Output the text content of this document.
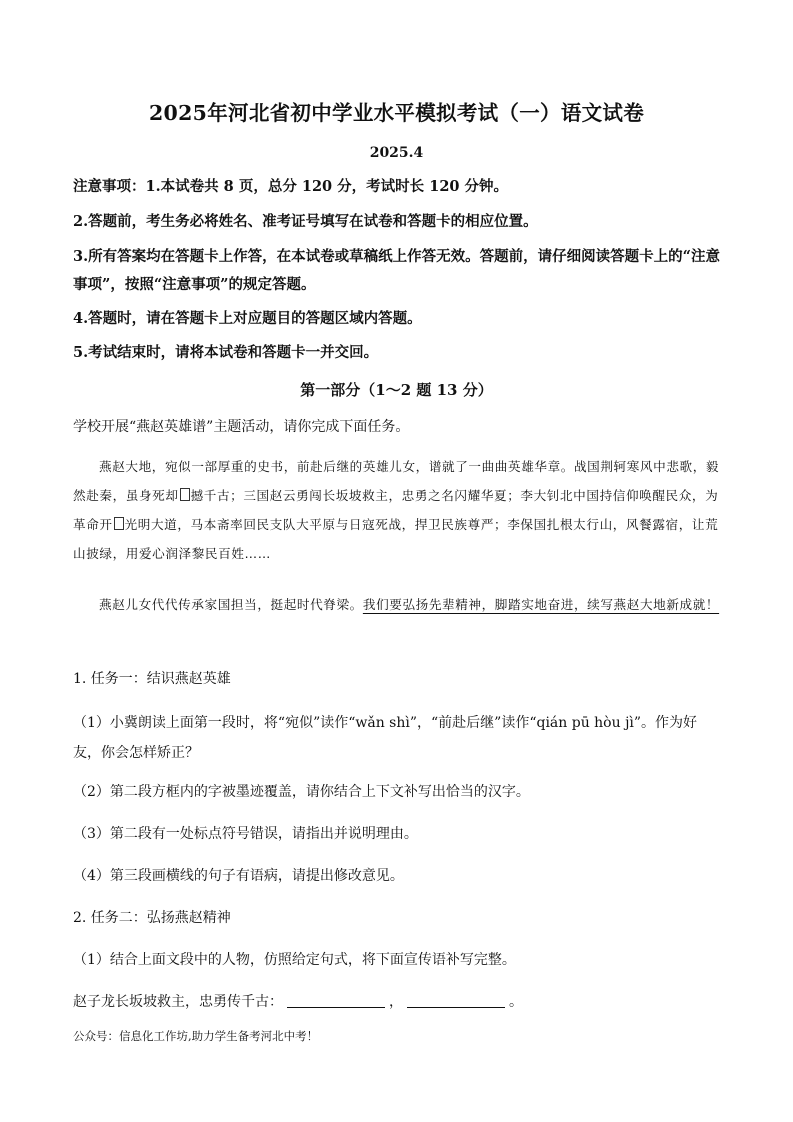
2025年河北省初中学业水平模拟考试（一）语文试卷
2025.4
注意事项：1.本试卷共 8 页，总分 120 分，考试时长 120 分钟。
2.答题前，考生务必将姓名、准考证号填写在试卷和答题卡的相应位置。
3.所有答案均在答题卡上作答，在本试卷或草稿纸上作答无效。答题前，请仔细阅读答题卡上的“注意事项”，按照“注意事项”的规定答题。
4.答题时，请在答题卡上对应题目的答题区域内答题。
5.考试结束时，请将本试卷和答题卡一并交回。
第一部分（1～2 题 13 分）
学校开展“燕赵英雄谱”主题活动，请你完成下面任务。
燕赵大地，宛似一部厚重的史书，前赴后继的英雄儿女，谱就了一曲曲英雄华章。战国荆轲寒风中悲歌，毅然赴秦，虽身死却 撼千古；三国赵云勇闯长坂坡救主，忠勇之名闪耀华夏；李大钊北中国持信仰唤醒民众，为革命开 光明大道，马本斋率回民支队大平原与日寇死战，捍卫民族尊严；李保国扎根太行山，风餐露宿，让荒山披绿，用爱心润泽黎民百姓……
燕赵儿女代代传承家国担当，挺起时代脊梁。我们要弘扬先辈精神，脚踏实地奋进，续写燕赵大地新成就！
1. 任务一：结识燕赵英雄
（1）小冀朗读上面第一段时，将“宛似”读作“wǎn shì”，“前赴后继”读作“qián pū hòu jì”。作为好友，你会怎样矫正？
（2）第二段方框内的字被墨迹覆盖，请你结合上下文补写出恰当的汉字。
（3）第二段有一处标点符号错误，请指出并说明理由。
（4）第三段画横线的句子有语病，请提出修改意见。
2. 任务二：弘扬燕赵精神
（1）结合上面文段中的人物，仿照给定句式，将下面宣传语补写完整。
赵子龙长坂坡救主，忠勇传千古：	，	。
公众号：信息化工作坊,助力学生备考河北中考！
